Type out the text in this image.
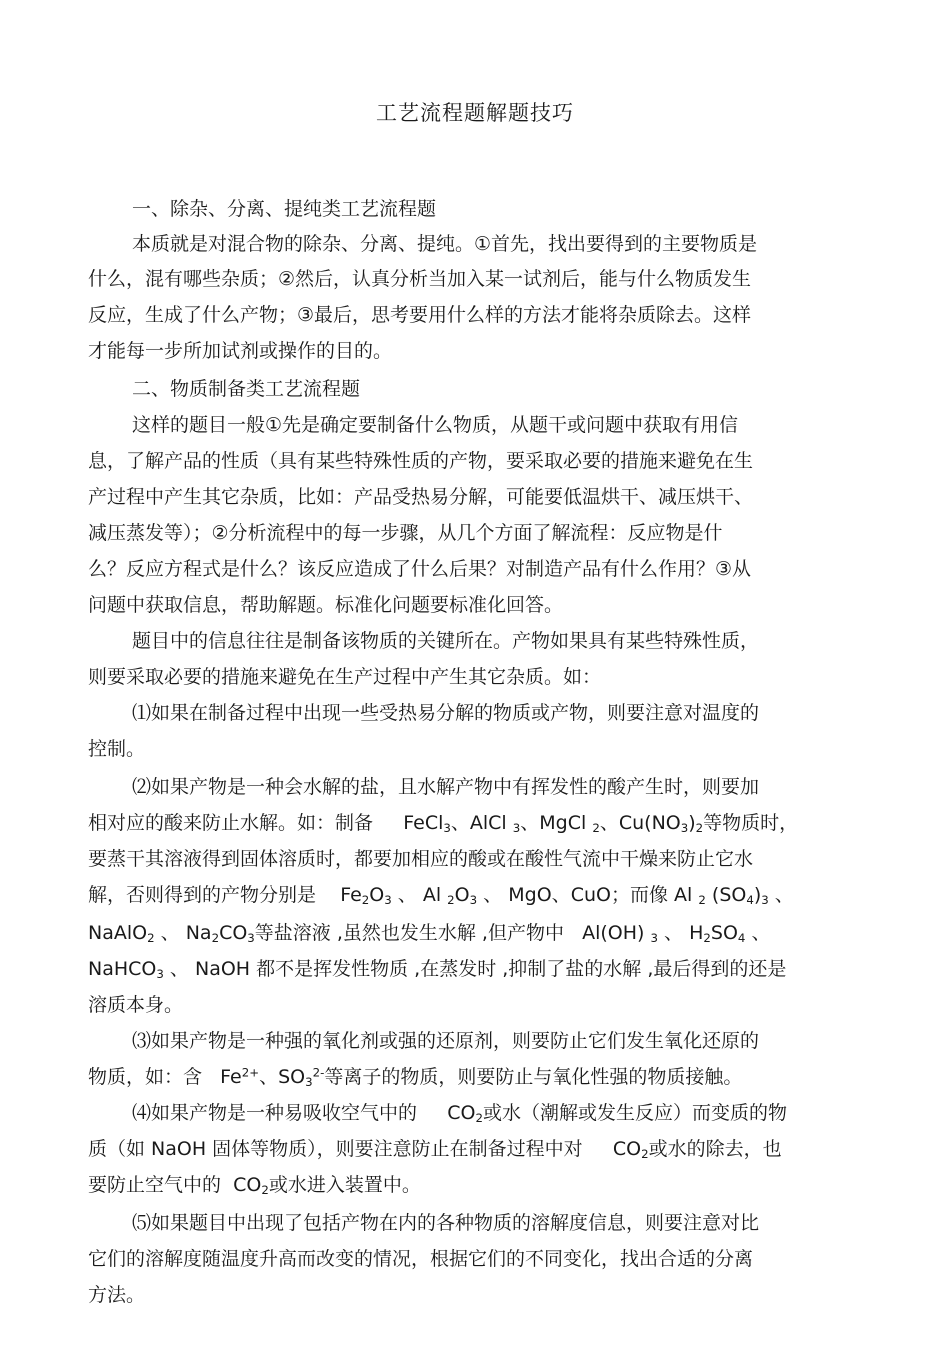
工艺流程题解题技巧
一、除杂、分离、提纯类工艺流程题
本质就是对混合物的除杂、分离、提纯。①首先，找出要得到的主要物质是
什么，混有哪些杂质；②然后，认真分析当加入某一试剂后，能与什么物质发生
反应，生成了什么产物；③最后，思考要用什么样的方法才能将杂质除去。这样
才能每一步所加试剂或操作的目的。
二、物质制备类工艺流程题
这样的题目一般①先是确定要制备什么物质，从题干或问题中获取有用信
息，了解产品的性质（具有某些特殊性质的产物，要采取必要的措施来避免在生
产过程中产生其它杂质，比如：产品受热易分解，可能要低温烘干、减压烘干、
减压蒸发等）；②分析流程中的每一步骤，从几个方面了解流程：反应物是什
么？反应方程式是什么？该反应造成了什么后果？对制造产品有什么作用？③从
问题中获取信息，帮助解题。标准化问题要标准化回答。
题目中的信息往往是制备该物质的关键所在。产物如果具有某些特殊性质，
则要采取必要的措施来避免在生产过程中产生其它杂质。如：
⑴如果在制备过程中出现一些受热易分解的物质或产物，则要注意对温度的
控制。
⑵如果产物是一种会水解的盐，且水解产物中有挥发性的酸产生时，则要加
相对应的酸来防止水解。如：制备 FeCl$_3$、AlCl $_3$、MgCl $_2$、$Cu(NO_3)_2$等物质时，
要蒸干其溶液得到固体溶质时，都要加相应的酸或在酸性气流中干燥来防止它水
解，否则得到的产物分别是 $Fe_2O_3$ 、 Al $_2O_3$ 、 MgO、CuO；而像 Al $_2$ $(SO_4)_3$ 、
NaAlO$_2$ 、 $Na_2CO_3$等盐溶液 ,虽然也发生水解 ,但产物中 Al(OH) $_3$ 、 $H_2SO_4$ 、
NaHCO$_3$ 、 NaOH 都不是挥发性物质 ,在蒸发时 ,抑制了盐的水解 ,最后得到的还是
溶质本身。
⑶如果产物是一种强的氧化剂或强的还原剂，则要防止它们发生氧化还原的
物质，如：含 $Fe^{2+}$、$SO_3^{2-}$等离子的物质，则要防止与氧化性强的物质接触。
⑷如果产物是一种易吸收空气中的 $CO_2$或水（潮解或发生反应）而变质的物
质（如 NaOH 固体等物质），则要注意防止在制备过程中对 $CO_2$或水的除去，也
要防止空气中的 $CO_2$或水进入装置中。
⑸如果题目中出现了包括产物在内的各种物质的溶解度信息，则要注意对比
它们的溶解度随温度升高而改变的情况，根据它们的不同变化，找出合适的分离
方法。
